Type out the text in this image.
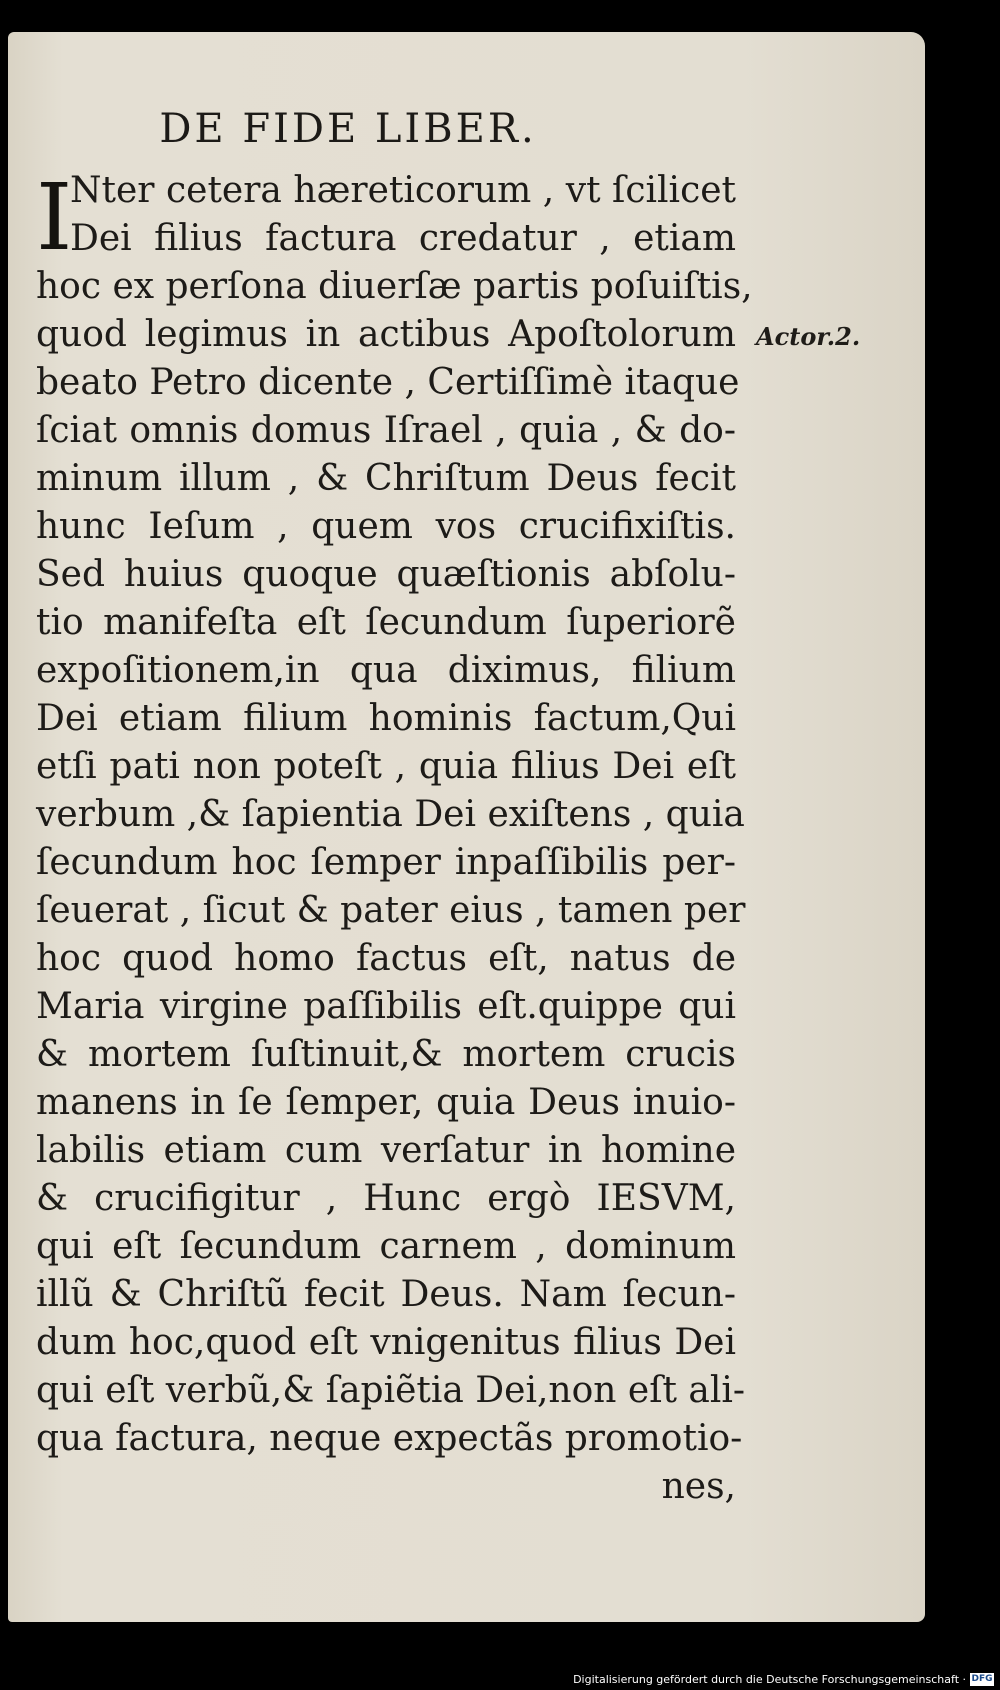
DE FIDE LIBER.
I
Nter cetera hæreticorum , vt ſcilicet
Dei filius factura credatur , etiam
hoc ex perſona diuerſæ partis poſuiſtis,
quod legimus in actibus Apoſtolorum
beato Petro dicente , Certiſſimè itaque
ſciat omnis domus Iſrael , quia , & do-
minum illum , & Chriſtum Deus fecit
hunc Ieſum , quem vos crucifixiſtis.
Sed huius quoque quæſtionis abſolu-
tio manifeſta eſt ſecundum ſuperiorẽ
expoſitionem,in qua diximus, filium
Dei etiam filium hominis factum,Qui
etſi pati non poteſt , quia filius Dei eſt
verbum ,& ſapientia Dei exiſtens , quia
ſecundum hoc ſemper inpaſſibilis per-
ſeuerat , ſicut & pater eius , tamen per
hoc quod homo factus eſt, natus de
Maria virgine paſſibilis eſt.quippe qui
& mortem ſuſtinuit,& mortem crucis
manens in ſe ſemper, quia Deus inuio-
labilis etiam cum verſatur in homine
& crucifigitur , Hunc ergò IESVM,
qui eſt ſecundum carnem , dominum
illũ & Chriſtũ fecit Deus. Nam ſecun-
dum hoc,quod eſt vnigenitus filius Dei
qui eſt verbũ,& ſapiẽtia Dei,non eſt ali-
qua factura, neque expectãs promotio-
nes,
Actor.2.
Digitalisierung gefördert durch die Deutsche Forschungsgemeinschaft · DFG
